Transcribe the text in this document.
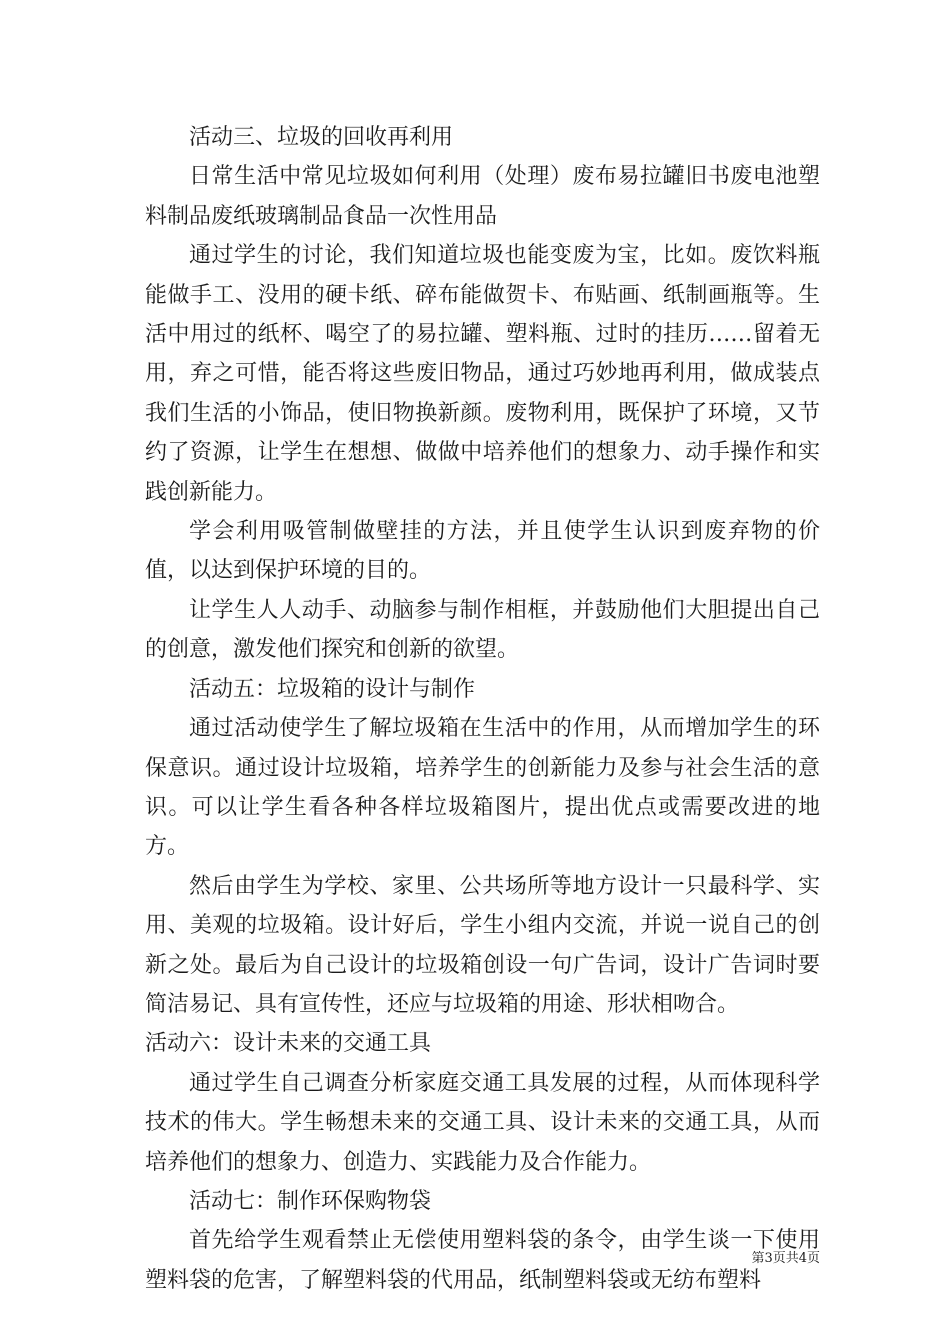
活动三、垃圾的回收再利用

日常生活中常见垃圾如何利用（处理）废布易拉罐旧书废电池塑料制品废纸玻璃制品食品一次性用品

通过学生的讨论，我们知道垃圾也能变废为宝，比如。废饮料瓶能做手工、没用的硬卡纸、碎布能做贺卡、布贴画、纸制画瓶等。生活中用过的纸杯、喝空了的易拉罐、塑料瓶、过时的挂历……留着无用，弃之可惜，能否将这些废旧物品，通过巧妙地再利用，做成装点我们生活的小饰品，使旧物换新颜。废物利用，既保护了环境，又节约了资源，让学生在想想、做做中培养他们的想象力、动手操作和实践创新能力。

学会利用吸管制做壁挂的方法，并且使学生认识到废弃物的价值，以达到保护环境的目的。

让学生人人动手、动脑参与制作相框，并鼓励他们大胆提出自己的创意，激发他们探究和创新的欲望。

活动五：垃圾箱的设计与制作

通过活动使学生了解垃圾箱在生活中的作用，从而增加学生的环保意识。通过设计垃圾箱，培养学生的创新能力及参与社会生活的意识。可以让学生看各种各样垃圾箱图片，提出优点或需要改进的地方。

然后由学生为学校、家里、公共场所等地方设计一只最科学、实用、美观的垃圾箱。设计好后，学生小组内交流，并说一说自己的创新之处。最后为自己设计的垃圾箱创设一句广告词，设计广告词时要简洁易记、具有宣传性，还应与垃圾箱的用途、形状相吻合。

活动六：设计未来的交通工具

通过学生自己调查分析家庭交通工具发展的过程，从而体现科学技术的伟大。学生畅想未来的交通工具、设计未来的交通工具，从而培养他们的想象力、创造力、实践能力及合作能力。

活动七：制作环保购物袋

首先给学生观看禁止无偿使用塑料袋的条令，由学生谈一下使用塑料袋的危害，了解塑料袋的代用品，纸制塑料袋或无纺布塑料

第3页共4页
